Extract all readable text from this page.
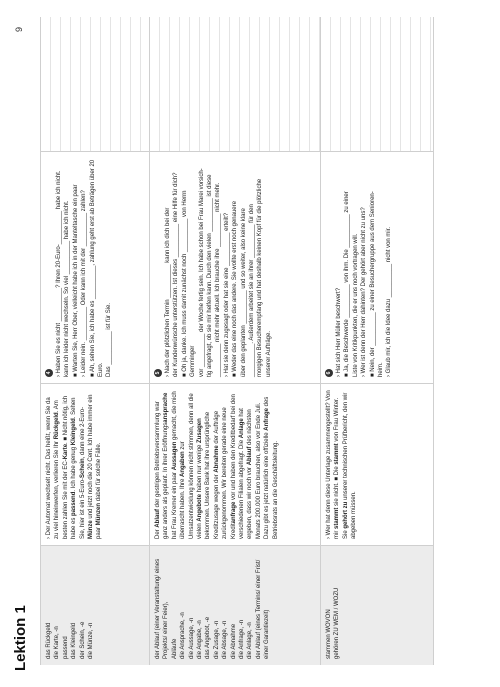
Lektion 1
9
das Rückgeld die Karte, -n passend das Kleingeld der Schein, -e die Münze, -n
› Der Automat wechselt nicht. Das heißt, wenn Sie da zu viel hineinwerfen, verlieren Sie Ihr Rückgeld. Am besten zahlen Sie mit der EC-Karte. ■ Nicht nötig, ich habe es passend. Ich habe genug Kleingeld. Sehen Sie, hier ist ein 5-Euro-Schein, dann eine 2-Euro-Münze und jetzt noch die 20 Cent. Ich habe immer ein paar Münzen dabei für solche Fälle.
4
› Haben Sie es nicht __________? Ihren 20-Euro-__________ habe ich nicht. kann ich leider nicht wechseln. So viel __________ habe ich nicht. ■ Warten Sie, Herr Ober, vielleicht habe ich in der Manteltasche ein paar
› Leider nein. __________ Oder kann ich mit der __________ zahlen?
■ Ah, sehen Sie, ich habe es __________, zahlung geht erst ab Beträgen über 20 Euro. Das __________ ist für Sie.
der Ablauf (einer Veranstaltung/ eines Projekts/ einer Feier), Abläufe die Ansprache, -n die Aussage, -n die Angabe, -n das Angebot, -e die Zusage, -n die Absage, -n die Abnahme die Anfrage, -n die Anlage, -n der Ablauf (eines Termins/ einer Frist/ einer Garantiezeit)
Der Ablauf der gestrigen Betriebsversammlung war ganz anders als geplant. In ihrer Eröffnungsansprache hat Frau Kremer ein paar Aussagen gemacht, die mich überrascht haben. Ihre Angaben zur Umsatzentwicklung können nicht stimmen, denn all die vielen Angebote haben nur wenige Zusagen bekommen. Unsere Bank hat ihre ursprüngliche Kreditzusage wegen der Abnahme der Aufträge zurückgenommen. Wir bereiten gerade eine neue Kreditanfrage vor und haben den Kreditbedarf bei den verschiedenen Filialen abgefragt. Die Anlage hat ergeben, dass wir noch vor Ablauf des nächsten Monats 200.000 Euro brauchen, also vor Ende Juli. Dazu gibt es jetzt natürlich eine offizielle Anfrage des Betriebsrats an die Geschäftsleitung.
5
› Nach der plötzlichen Termin __________ kann ich dich bei der der Kundenwünsche unterstützen. Ist dieses __________ eine Hilfe für dich? ■ Oh ja, danke. Ich muss damit zunächst noch __________ von Herrn Gemminger vor __________ der Woche fertig sein. Ich habe schon bei Frau Marei vorsich- tig angefragt, ob sie mir helfen kann. Durch den vielen __________ ist diese __________ nicht mehr aktuell. Ich brauche ihre __________ nicht mehr. › Hat sie denn zugesagt oder hat sie eine __________ erteilt?
■ Weder das eine noch das andere. Sie wollte erst noch genauere über den geplanten __________ und so weiter, also keine klare __________. Außerdem arbeitet sie an ihrer __________ für den morgigen Besucherempfang und hat deshalb keinen Kopf für die plötzliche unserer Aufträge.
stammen WOVON gehören ZU WEM / WOZU
› Wer hat denn diese Unterlage zusammengestellt? Von mir stammt sie nicht. ■ Die stammt von Frau Winter. Sie gehört zu unserer technischen Prüfbericht, den wir abgeben müssen.
6
› Hat sich Herr Müller beschwert?
■ Ja, die Beschwerde __________ von ihm. Die __________ zu einer Liste von Kritikpunkten, die er uns noch vortragen will. › Wer ist denn der Herr dahinten? Der gehört aber nicht zu uns?
■ Nein, der __________ zu einer Besuchergruppe aus dem Senioren- heim. › Glaub mir, ich die Idee dazu __________ nicht von mir.
